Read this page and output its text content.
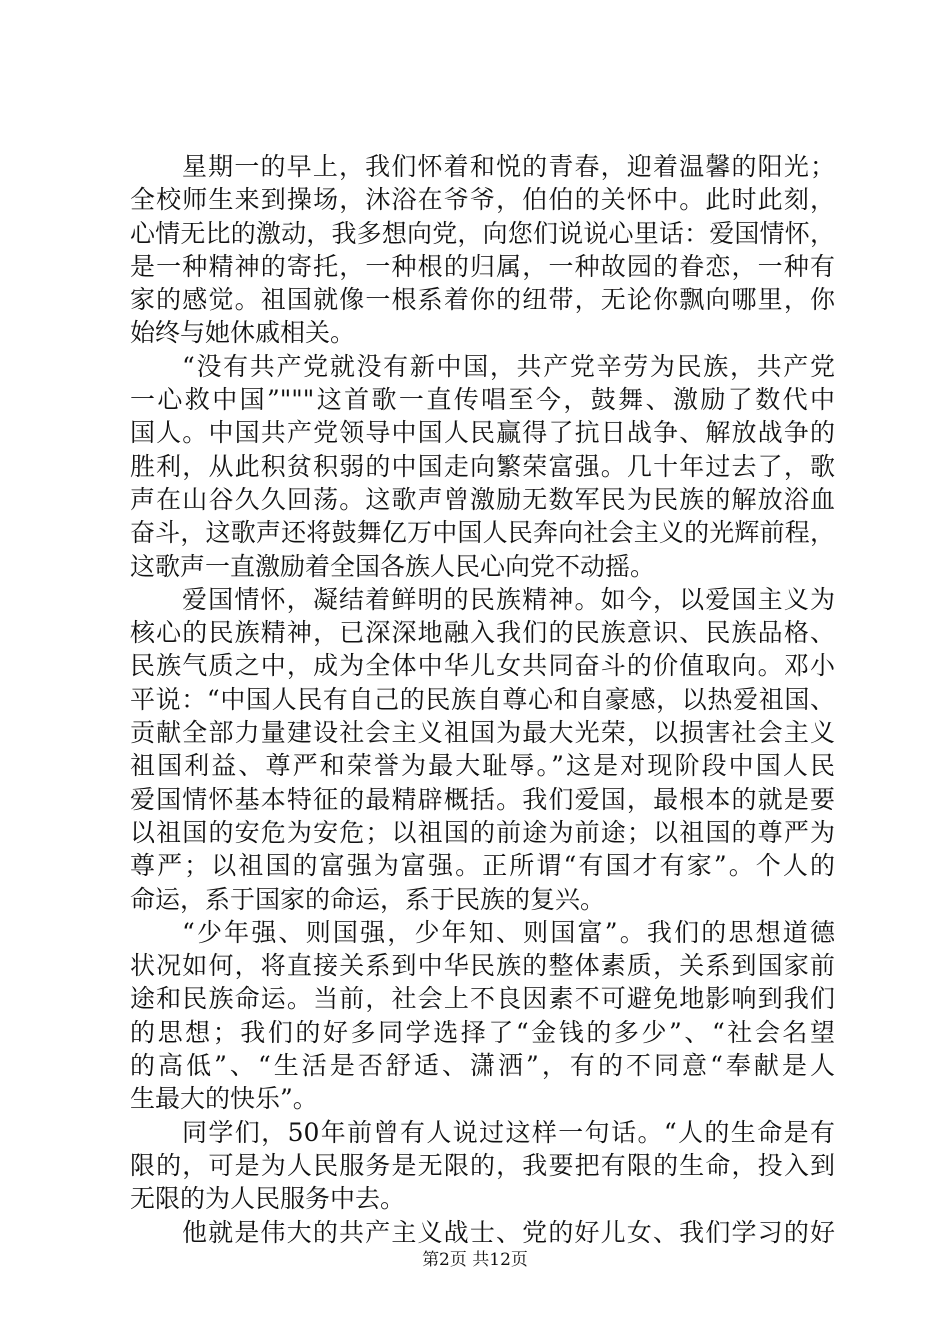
星期一的早上，我们怀着和悦的青春，迎着温馨的阳光；
全校师生来到操场，沐浴在爷爷，伯伯的关怀中。此时此刻，
心情无比的激动，我多想向党，向您们说说心里话：爱国情怀，
是一种精神的寄托，一种根的归属，一种故园的眷恋，一种有
家的感觉。祖国就像一根系着你的纽带，无论你飘向哪里，你
始终与她休戚相关。
“没有共产党就没有新中国，共产党辛劳为民族，共产党
一心救中国”"""这首歌一直传唱至今，鼓舞、激励了数代中
国人。中国共产党领导中国人民赢得了抗日战争、解放战争的
胜利，从此积贫积弱的中国走向繁荣富强。几十年过去了，歌
声在山谷久久回荡。这歌声曾激励无数军民为民族的解放浴血
奋斗，这歌声还将鼓舞亿万中国人民奔向社会主义的光辉前程，
这歌声一直激励着全国各族人民心向党不动摇。
爱国情怀，凝结着鲜明的民族精神。如今，以爱国主义为
核心的民族精神，已深深地融入我们的民族意识、民族品格、
民族气质之中，成为全体中华儿女共同奋斗的价值取向。邓小
平说：“中国人民有自己的民族自尊心和自豪感，以热爱祖国、
贡献全部力量建设社会主义祖国为最大光荣，以损害社会主义
祖国利益、尊严和荣誉为最大耻辱。”这是对现阶段中国人民
爱国情怀基本特征的最精辟概括。我们爱国，最根本的就是要
以祖国的安危为安危；以祖国的前途为前途；以祖国的尊严为
尊严；以祖国的富强为富强。正所谓“有国才有家”。个人的
命运，系于国家的命运，系于民族的复兴。
“少年强、则国强，少年知、则国富”。我们的思想道德
状况如何，将直接关系到中华民族的整体素质，关系到国家前
途和民族命运。当前，社会上不良因素不可避免地影响到我们
的思想；我们的好多同学选择了“金钱的多少”、“社会名望
的高低”、“生活是否舒适、潇洒”，有的不同意“奉献是人
生最大的快乐”。
同学们，50年前曾有人说过这样一句话。“人的生命是有
限的，可是为人民服务是无限的，我要把有限的生命，投入到
无限的为人民服务中去。
他就是伟大的共产主义战士、党的好儿女、我们学习的好
第2页 共12页
